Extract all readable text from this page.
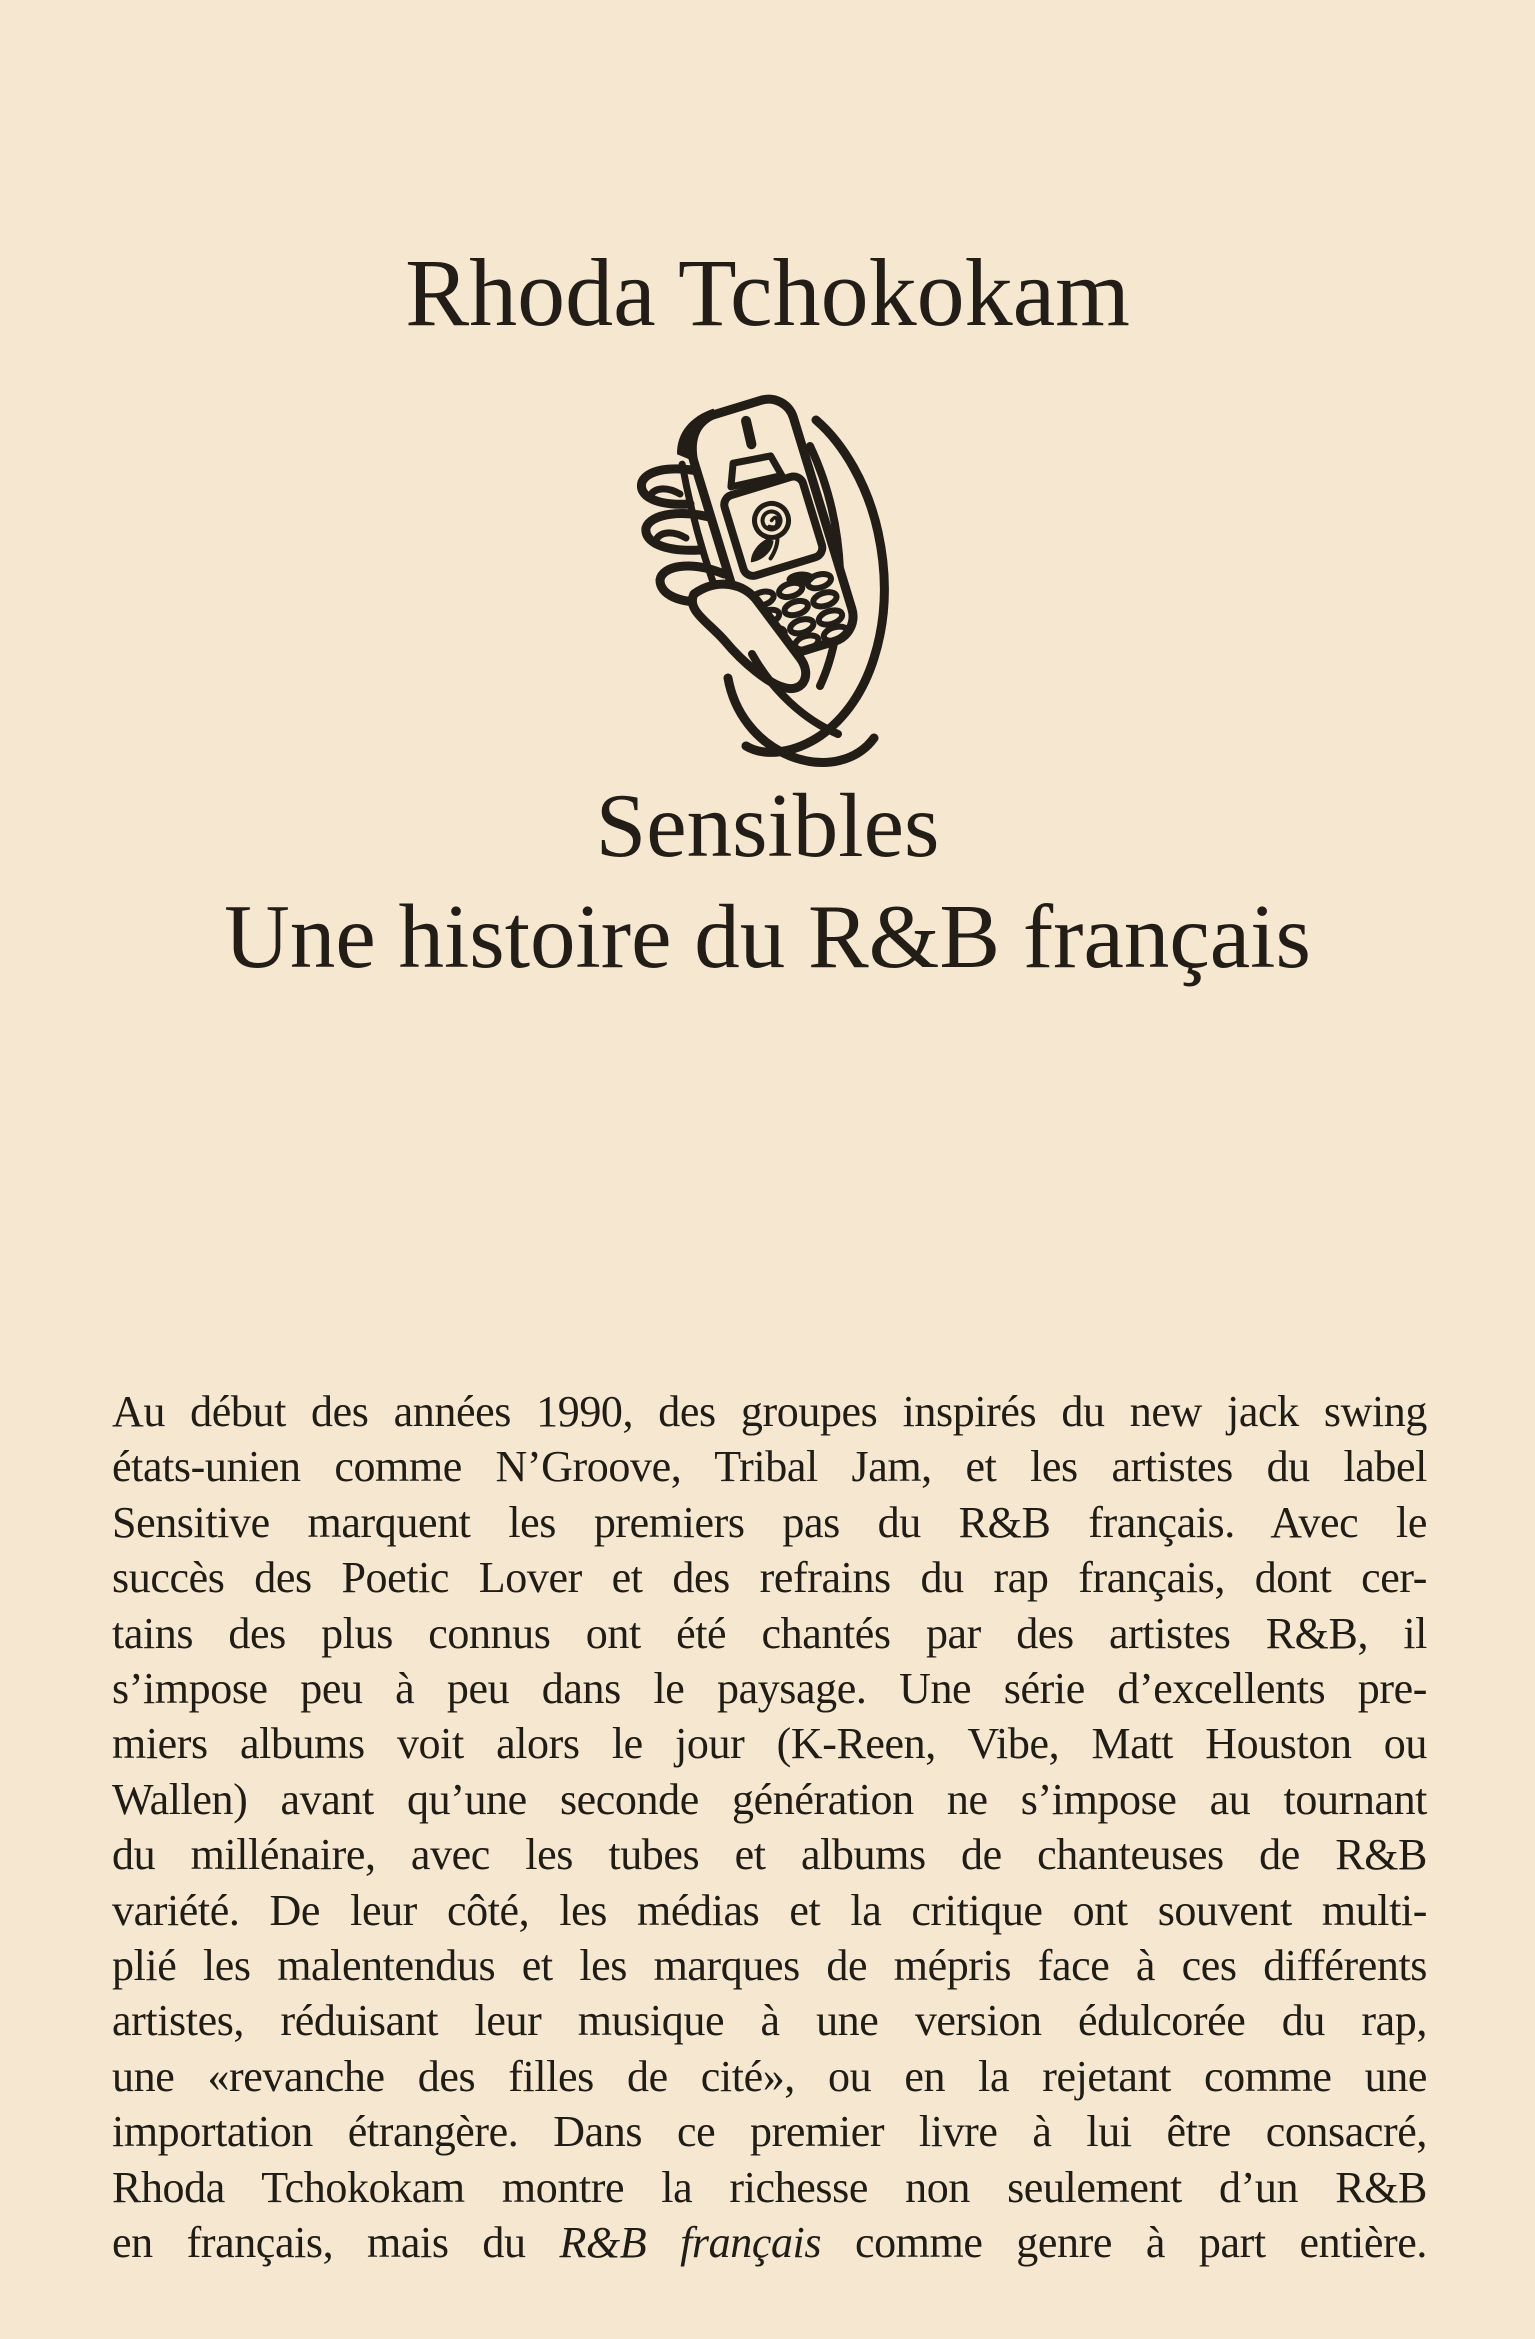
Rhoda Tchokokam
Sensibles
Une histoire du R&B français

Au début des années 1990, des groupes inspirés du new jack swing

états-unien comme N’Groove, Tribal Jam, et les artistes du label

Sensitive marquent les premiers pas du R&B français. Avec le

succès des Poetic Lover et des refrains du rap français, dont cer-

tains des plus connus ont été chantés par des artistes R&B, il

s’impose peu à peu dans le paysage. Une série d’excellents pre-

miers albums voit alors le jour (K-Reen, Vibe, Matt Houston ou

Wallen) avant qu’une seconde génération ne s’impose au tournant

du millénaire, avec les tubes et albums de chanteuses de R&B

variété. De leur côté, les médias et la critique ont souvent multi-

plié les malentendus et les marques de mépris face à ces différents

artistes, réduisant leur musique à une version édulcorée du rap,

une «revanche des filles de cité», ou en la rejetant comme une

importation étrangère. Dans ce premier livre à lui être consacré,

Rhoda Tchokokam montre la richesse non seulement d’un R&B

en français, mais du R&B français comme genre à part entière.
